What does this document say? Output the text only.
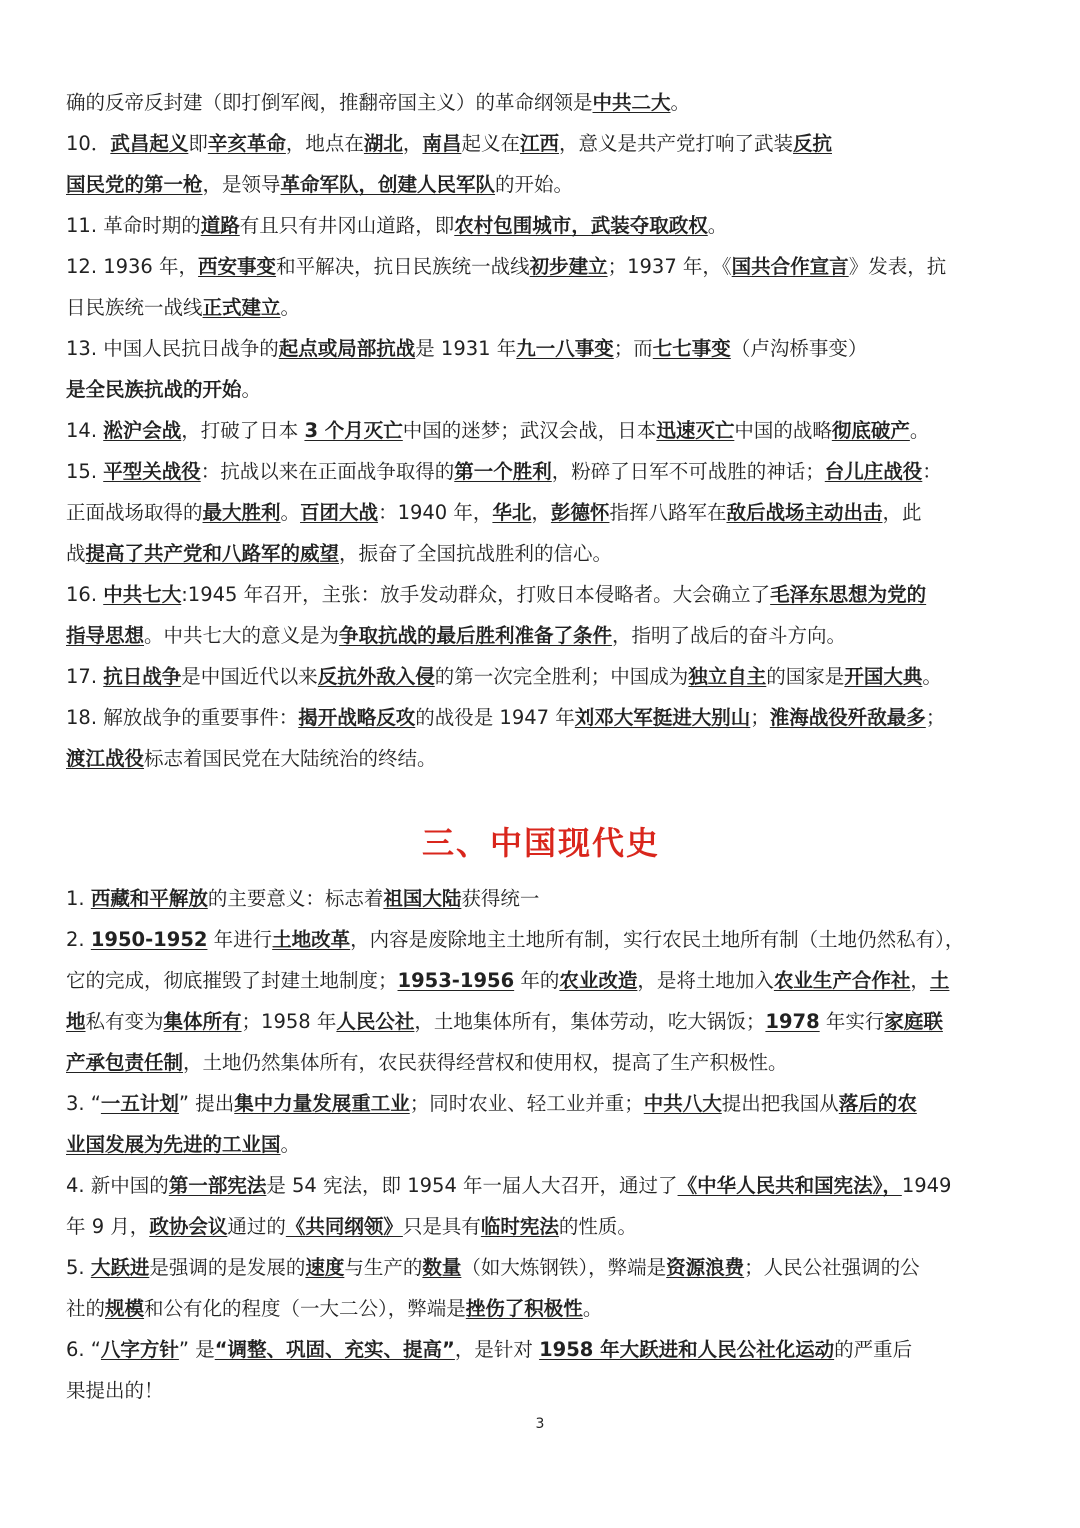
确的反帝反封建（即打倒军阀，推翻帝国主义）的革命纲领是中共二大。
10．武昌起义即辛亥革命，地点在湖北，南昌起义在江西，意义是共产党打响了武装反抗
国民党的第一枪，是领导革命军队，创建人民军队的开始。
11. 革命时期的道路有且只有井冈山道路，即农村包围城市，武装夺取政权。
12. 1936 年，西安事变和平解决，抗日民族统一战线初步建立；1937 年，《国共合作宣言》发表，抗
日民族统一战线正式建立。
13. 中国人民抗日战争的起点或局部抗战是 1931 年九一八事变；而七七事变（卢沟桥事变）
是全民族抗战的开始。
14. 淞沪会战，打破了日本 3 个月灭亡中国的迷梦；武汉会战，日本迅速灭亡中国的战略彻底破产。
15. 平型关战役：抗战以来在正面战争取得的第一个胜利，粉碎了日军不可战胜的神话；台儿庄战役：
正面战场取得的最大胜利。百团大战：1940 年，华北，彭德怀指挥八路军在敌后战场主动出击，此
战提高了共产党和八路军的威望，振奋了全国抗战胜利的信心。
16. 中共七大:1945 年召开，主张：放手发动群众，打败日本侵略者。大会确立了毛泽东思想为党的
指导思想。中共七大的意义是为争取抗战的最后胜利准备了条件，指明了战后的奋斗方向。
17. 抗日战争是中国近代以来反抗外敌入侵的第一次完全胜利；中国成为独立自主的国家是开国大典。
18. 解放战争的重要事件：揭开战略反攻的战役是 1947 年刘邓大军挺进大别山；淮海战役歼敌最多；
渡江战役标志着国民党在大陆统治的终结。
三、中国现代史
1. 西藏和平解放的主要意义：标志着祖国大陆获得统一
2. 1950-1952 年进行土地改革，内容是废除地主土地所有制，实行农民土地所有制（土地仍然私有），
它的完成，彻底摧毁了封建土地制度；1953-1956 年的农业改造，是将土地加入农业生产合作社，土
地私有变为集体所有；1958 年人民公社，土地集体所有，集体劳动，吃大锅饭；1978 年实行家庭联
产承包责任制，土地仍然集体所有，农民获得经营权和使用权，提高了生产积极性。
3. “一五计划” 提出集中力量发展重工业；同时农业、轻工业并重；中共八大提出把我国从落后的农
业国发展为先进的工业国。
4. 新中国的第一部宪法是 54 宪法，即 1954 年一届人大召开，通过了《中华人民共和国宪法》，1949
年 9 月，政协会议通过的《共同纲领》只是具有临时宪法的性质。
5. 大跃进是强调的是发展的速度与生产的数量（如大炼钢铁），弊端是资源浪费；人民公社强调的公
社的规模和公有化的程度（一大二公），弊端是挫伤了积极性。
6. “八字方针” 是“调整、巩固、充实、提高”，是针对 1958 年大跃进和人民公社化运动的严重后
果提出的！
3
